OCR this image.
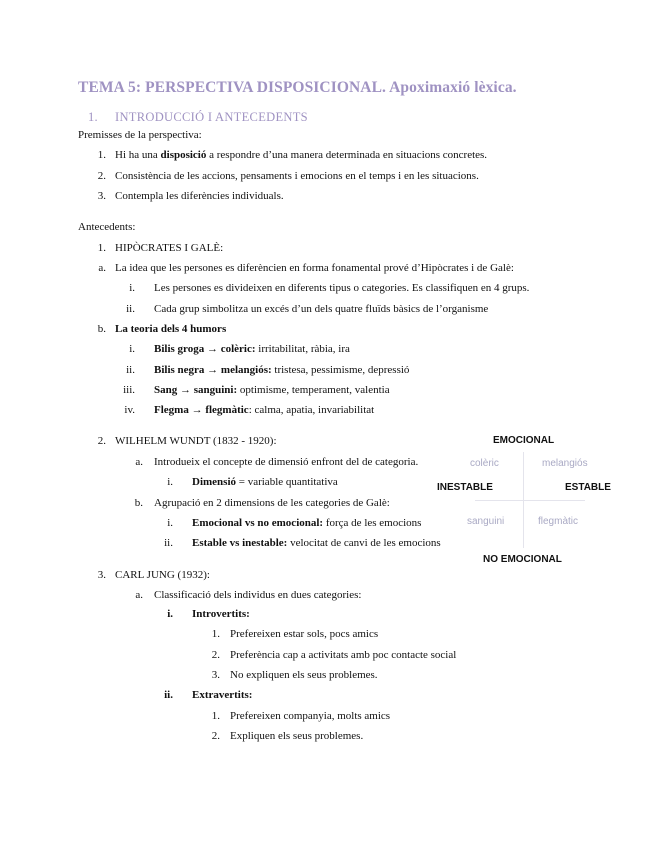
TEMA 5: PERSPECTIVA DISPOSICIONAL. Apoximaxió lèxica.
1. INTRODUCCIÓ I ANTECEDENTS
Premisses de la perspectiva:
1. Hi ha una disposició a respondre d’una manera determinada en situacions concretes.
2. Consistència de les accions, pensaments i emocions en el temps i en les situacions.
3. Contempla les diferències individuals.
Antecedents:
1. HIPÒCRATES I GALÈ:
a. La idea que les persones es diferèncien en forma fonamental prové d’Hipòcrates i de Galè:
i. Les persones es divideixen en diferents tipus o categories. Es classifiquen en 4 grups.
ii. Cada grup simbolitza un excés d’un dels quatre fluïds bàsics de l’organisme
b. La teoria dels 4 humors
i. Bilis groga → colèric: irritabilitat, ràbia, ira
ii. Bilis negra → melangiós: tristesa, pessimisme, depressió
iii. Sang → sanguini: optimisme, temperament, valentia
iv. Flegma → flegmàtic: calma, apatia, invariabilitat
2. WILHELM WUNDT (1832 - 1920):
a. Introdueix el concepte de dimensió enfront del de categoria.
i. Dimensió = variable quantitativa
b. Agrupació en 2 dimensions de les categories de Galè:
i. Emocional vs no emocional: força de les emocions
ii. Estable vs inestable: velocitat de canvi de les emocions
EMOCIONAL
colèric	melangiós
INESTABLE	ESTABLE
sanguini	flegmàtic
NO EMOCIONAL
3. CARL JUNG (1932):
a. Classificació dels individus en dues categories:
i. Introvertits:
1. Prefereixen estar sols, pocs amics
2. Preferència cap a activitats amb poc contacte social
3. No expliquen els seus problemes.
ii. Extravertits:
1. Prefereixen companyia, molts amics
2. Expliquen els seus problemes.
